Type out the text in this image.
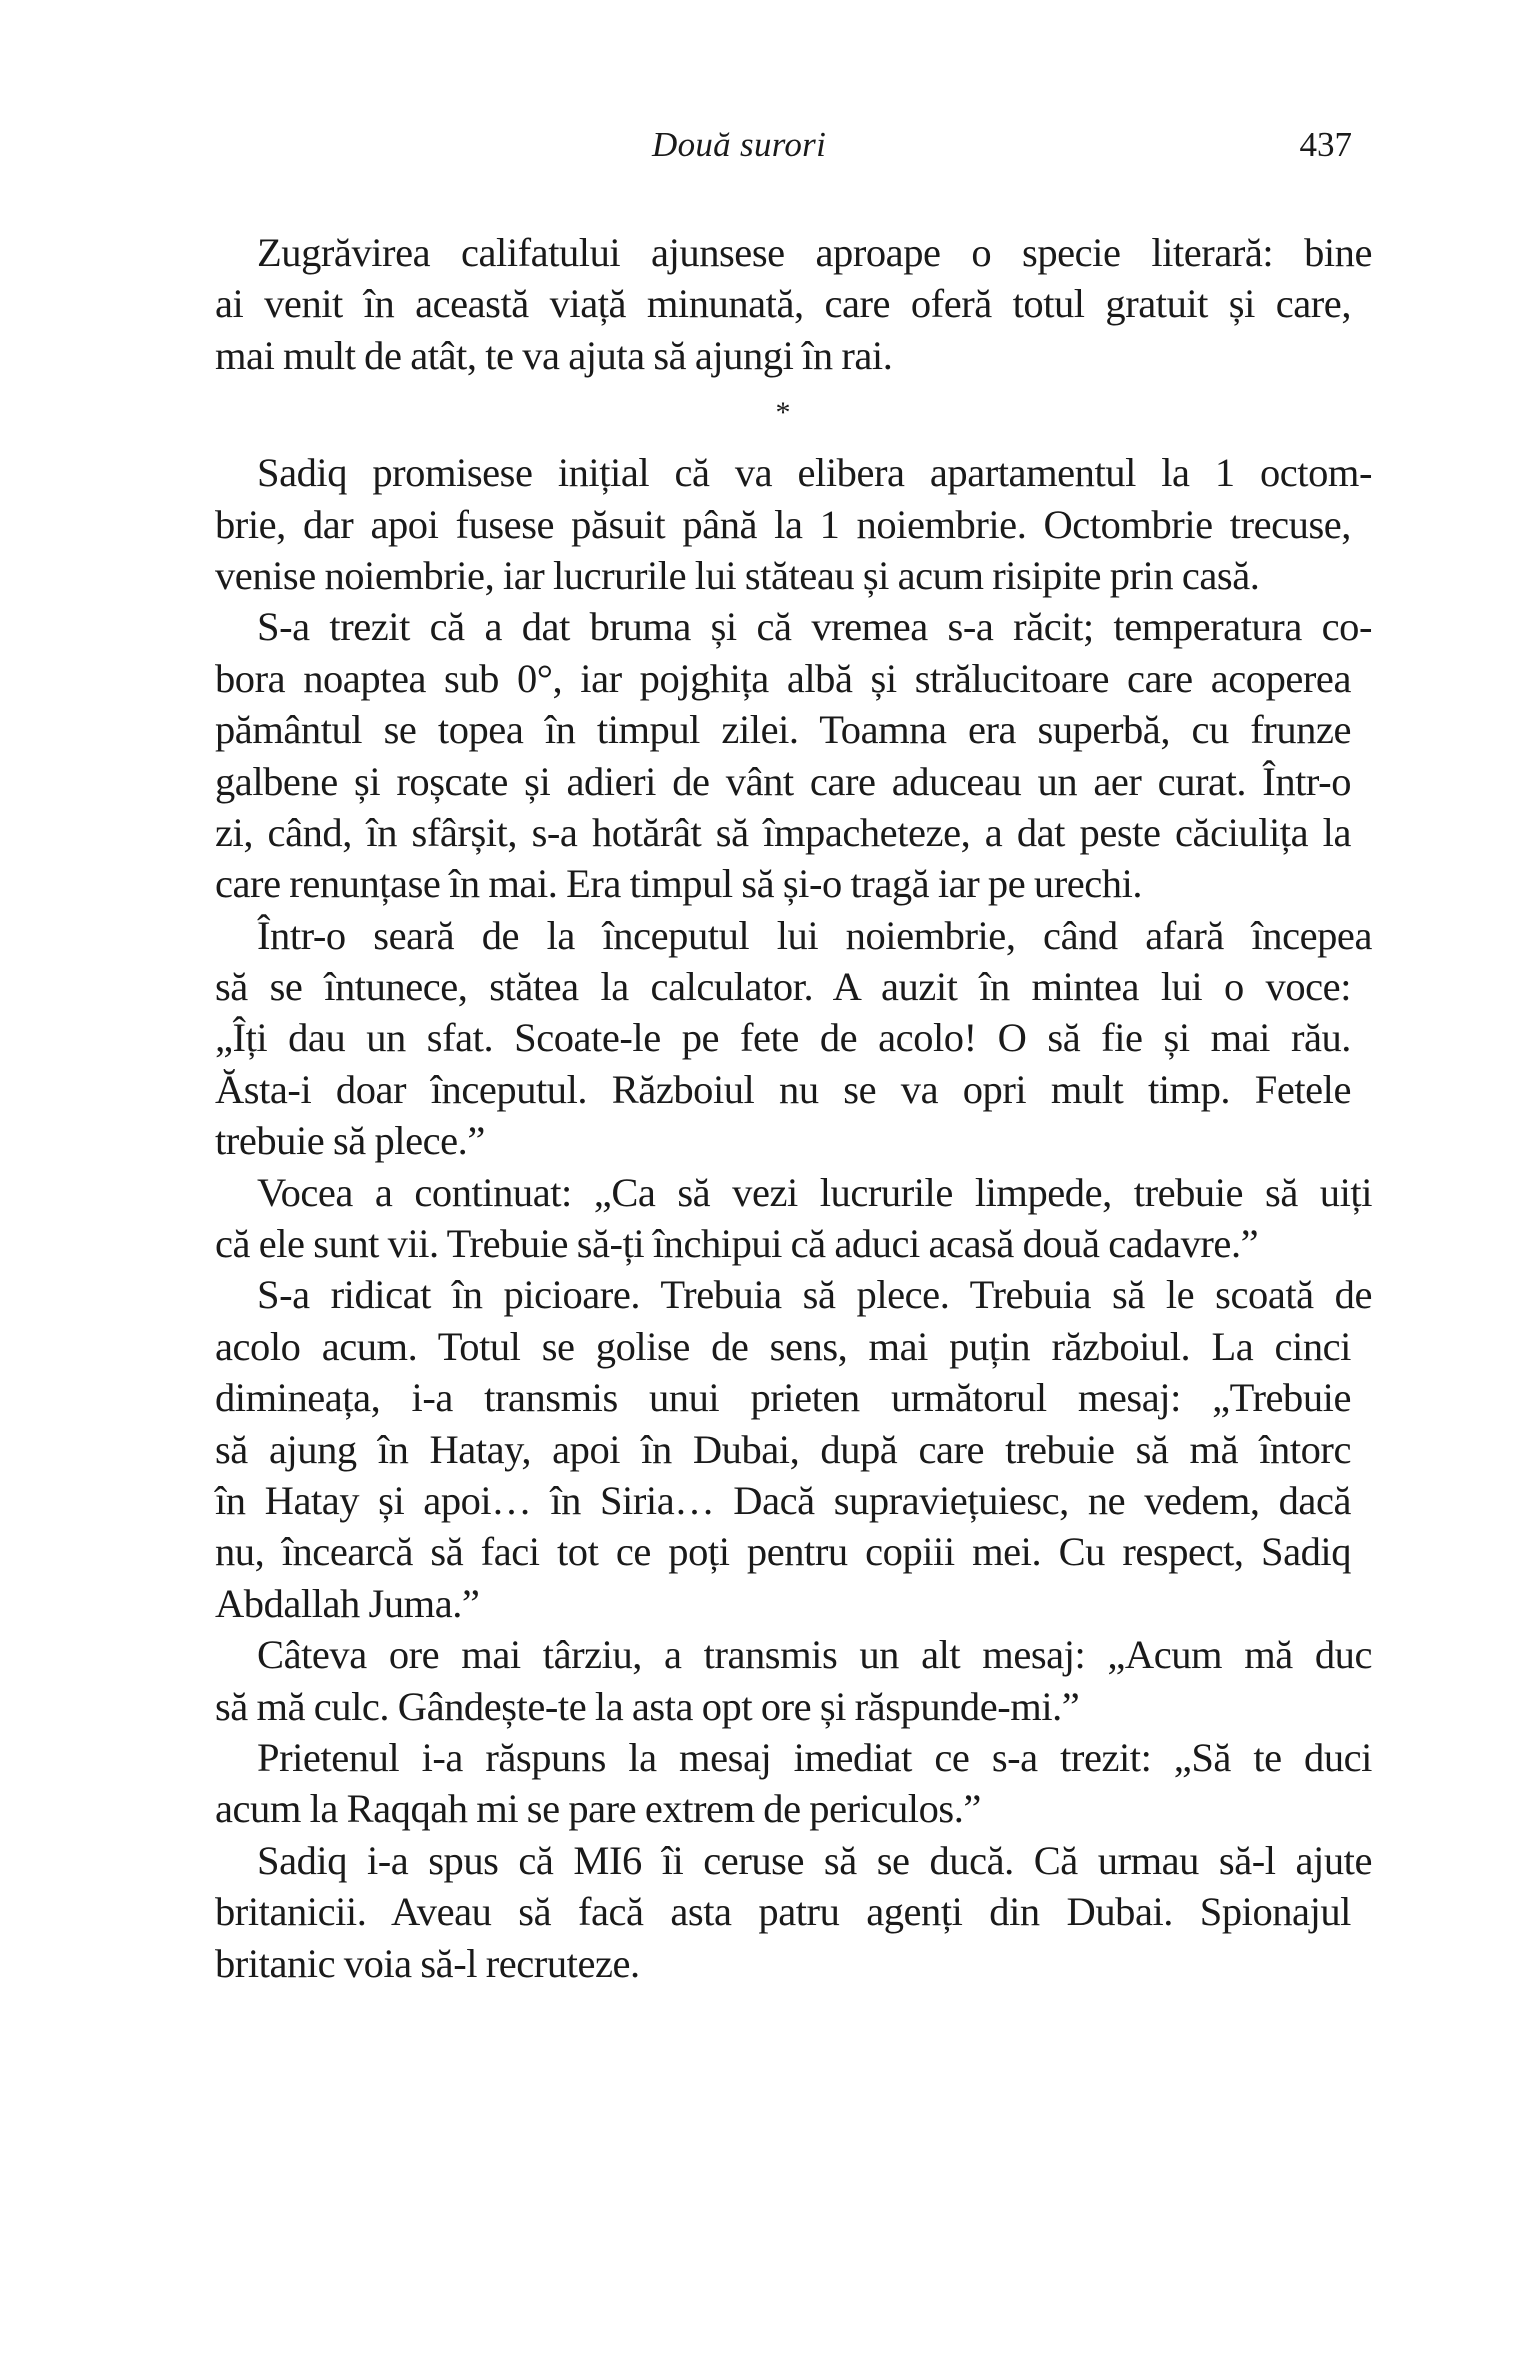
Două surori	437
Zugrăvirea califatului ajunsese aproape o specie literară: bine
ai venit în această viață minunată, care oferă totul gratuit și care,
mai mult de atât, te va ajuta să ajungi în rai.
*
Sadiq promisese inițial că va elibera apartamentul la 1 octom-
brie, dar apoi fusese păsuit până la 1 noiembrie. Octombrie trecuse,
venise noiembrie, iar lucrurile lui stăteau și acum risipite prin casă.
S-a trezit că a dat bruma și că vremea s-a răcit; temperatura co-
bora noaptea sub 0°, iar pojghița albă și strălucitoare care acoperea
pământul se topea în timpul zilei. Toamna era superbă, cu frunze
galbene și roșcate și adieri de vânt care aduceau un aer curat. Într-o
zi, când, în sfârșit, s-a hotărât să împacheteze, a dat peste căciulița la
care renunțase în mai. Era timpul să și-o tragă iar pe urechi.
Într-o seară de la începutul lui noiembrie, când afară începea
să se întunece, stătea la calculator. A auzit în mintea lui o voce:
„Îți dau un sfat. Scoate-le pe fete de acolo! O să fie și mai rău.
Ăsta-i doar începutul. Războiul nu se va opri mult timp. Fetele
trebuie să plece.”
Vocea a continuat: „Ca să vezi lucrurile limpede, trebuie să uiți
că ele sunt vii. Trebuie să-ți închipui că aduci acasă două cadavre.”
S-a ridicat în picioare. Trebuia să plece. Trebuia să le scoată de
acolo acum. Totul se golise de sens, mai puțin războiul. La cinci
dimineața, i-a transmis unui prieten următorul mesaj: „Trebuie
să ajung în Hatay, apoi în Dubai, după care trebuie să mă întorc
în Hatay și apoi… în Siria… Dacă supraviețuiesc, ne vedem, dacă
nu, încearcă să faci tot ce poți pentru copiii mei. Cu respect, Sadiq
Abdallah Juma.”
Câteva ore mai târziu, a transmis un alt mesaj: „Acum mă duc
să mă culc. Gândește-te la asta opt ore și răspunde-mi.”
Prietenul i-a răspuns la mesaj imediat ce s-a trezit: „Să te duci
acum la Raqqah mi se pare extrem de periculos.”
Sadiq i-a spus că MI6 îi ceruse să se ducă. Că urmau să-l ajute
britanicii. Aveau să facă asta patru agenți din Dubai. Spionajul
britanic voia să-l recruteze.
